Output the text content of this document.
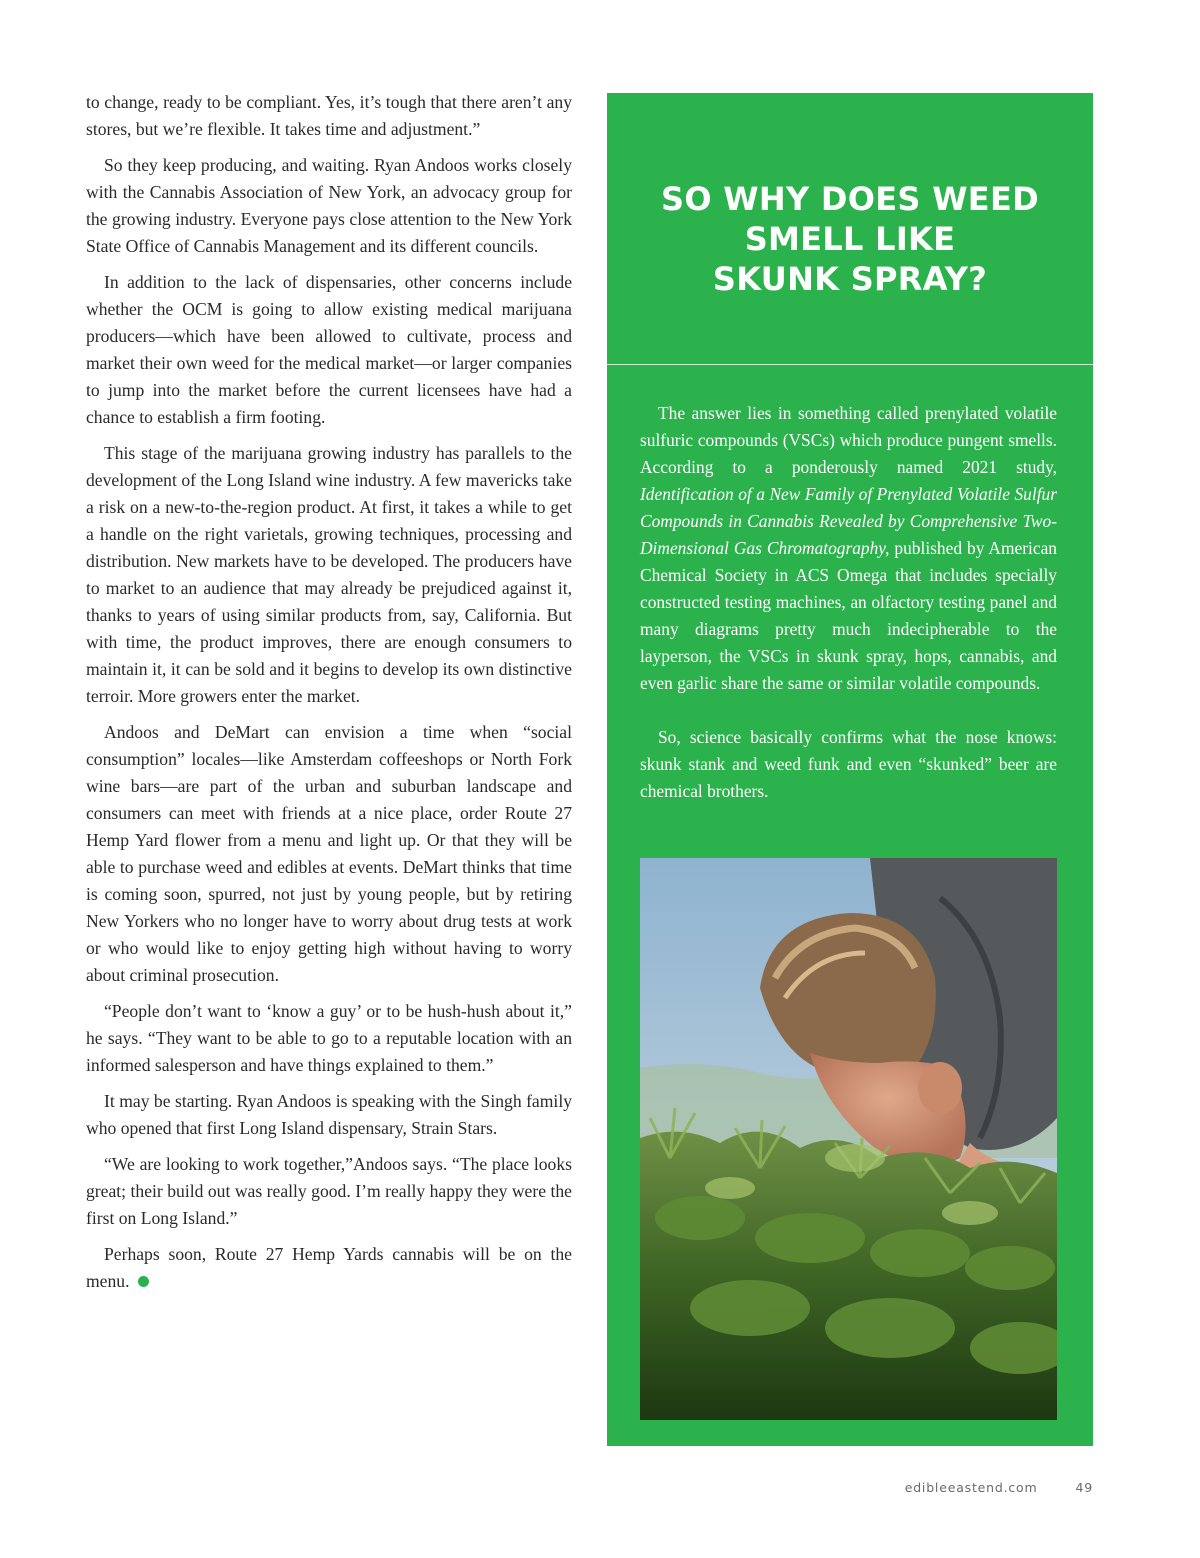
to change, ready to be compliant. Yes, it’s tough that there aren’t any stores, but we’re flexible. It takes time and adjustment.”

So they keep producing, and waiting. Ryan Andoos works closely with the Cannabis Association of New York, an advocacy group for the growing industry. Everyone pays close attention to the New York State Office of Cannabis Management and its different councils.

In addition to the lack of dispensaries, other concerns include whether the OCM is going to allow existing medical marijuana producers—which have been allowed to cultivate, process and market their own weed for the medical market—or larger companies to jump into the market before the current licensees have had a chance to establish a firm footing.

This stage of the marijuana growing industry has parallels to the development of the Long Island wine industry. A few mavericks take a risk on a new-to-the-region product. At first, it takes a while to get a handle on the right varietals, growing techniques, processing and distribution. New markets have to be developed. The producers have to market to an audience that may already be prejudiced against it, thanks to years of using similar products from, say, California. But with time, the product improves, there are enough consumers to maintain it, it can be sold and it begins to develop its own distinctive terroir. More growers enter the market.

Andoos and DeMart can envision a time when “social consumption” locales—like Amsterdam coffeeshops or North Fork wine bars—are part of the urban and suburban landscape and consumers can meet with friends at a nice place, order Route 27 Hemp Yard flower from a menu and light up. Or that they will be able to purchase weed and edibles at events. DeMart thinks that time is coming soon, spurred, not just by young people, but by retiring New Yorkers who no longer have to worry about drug tests at work or who would like to enjoy getting high without having to worry about criminal prosecution.

“People don’t want to ‘know a guy’ or to be hush-hush about it,” he says. “They want to be able to go to a reputable location with an informed salesperson and have things explained to them.”

It may be starting. Ryan Andoos is speaking with the Singh family who opened that first Long Island dispensary, Strain Stars.

“We are looking to work together,”Andoos says. “The place looks great; their build out was really good. I’m really happy they were the first on Long Island.”

Perhaps soon, Route 27 Hemp Yards cannabis will be on the menu.

SO WHY DOES WEED
SMELL LIKE
SKUNK SPRAY?

The answer lies in something called prenylated volatile sulfuric compounds (VSCs) which produce pungent smells. According to a ponderously named 2021 study, Identification of a New Family of Prenylated Volatile Sulfur Compounds in Cannabis Revealed by Comprehensive Two-Dimensional Gas Chromatography, published by American Chemical Society in ACS Omega that includes specially constructed testing machines, an olfactory testing panel and many diagrams pretty much indecipherable to the layperson, the VSCs in skunk spray, hops, cannabis, and even garlic share the same or similar volatile compounds.

So, science basically confirms what the nose knows: skunk stank and weed funk and even “skunked” beer are chemical brothers.

edibleeastend.com	49
